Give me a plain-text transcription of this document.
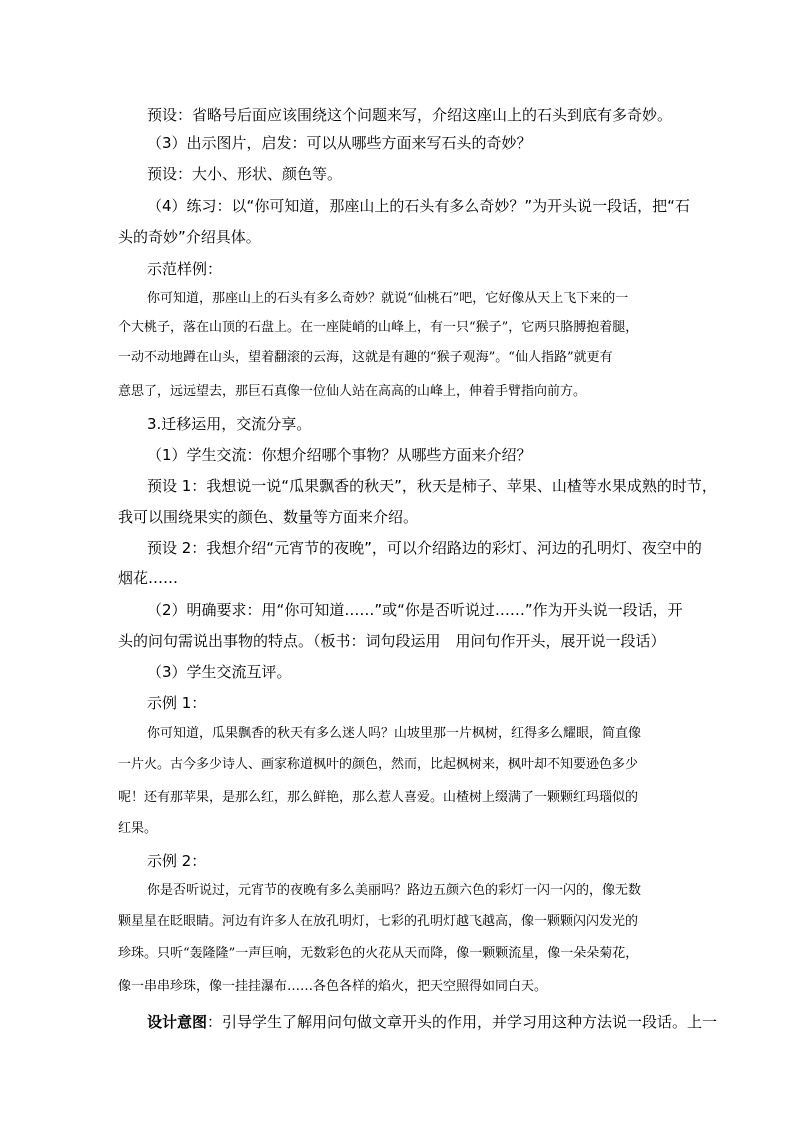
预设：省略号后面应该围绕这个问题来写，介绍这座山上的石头到底有多奇妙。

（3）出示图片，启发：可以从哪些方面来写石头的奇妙？

预设：大小、形状、颜色等。

（4）练习：以“你可知道，那座山上的石头有多么奇妙？”为开头说一段话，把“石

头的奇妙”介绍具体。

示范样例：

你可知道，那座山上的石头有多么奇妙？就说“仙桃石”吧，它好像从天上飞下来的一

个大桃子，落在山顶的石盘上。在一座陡峭的山峰上，有一只“猴子”，它两只胳膊抱着腿，

一动不动地蹲在山头，望着翻滚的云海，这就是有趣的“猴子观海”。“仙人指路”就更有

意思了，远远望去，那巨石真像一位仙人站在高高的山峰上，伸着手臂指向前方。

3.迁移运用，交流分享。

（1）学生交流：你想介绍哪个事物？从哪些方面来介绍？

预设 1：我想说一说“瓜果飘香的秋天”，秋天是柿子、苹果、山楂等水果成熟的时节，

我可以围绕果实的颜色、数量等方面来介绍。

预设 2：我想介绍“元宵节的夜晚”，可以介绍路边的彩灯、河边的孔明灯、夜空中的

烟花……

（2）明确要求：用“你可知道……”或“你是否听说过……”作为开头说一段话，开

头的问句需说出事物的特点。（板书：词句段运用　用问句作开头，展开说一段话）

（3）学生交流互评。

示例 1：

你可知道，瓜果飘香的秋天有多么迷人吗？山坡里那一片枫树，红得多么耀眼，简直像

一片火。古今多少诗人、画家称道枫叶的颜色，然而，比起枫树来，枫叶却不知要逊色多少

呢！还有那苹果，是那么红，那么鲜艳，那么惹人喜爱。山楂树上缀满了一颗颗红玛瑙似的

红果。

示例 2：

你是否听说过，元宵节的夜晚有多么美丽吗？路边五颜六色的彩灯一闪一闪的，像无数

颗星星在眨眼睛。河边有许多人在放孔明灯，七彩的孔明灯越飞越高，像一颗颗闪闪发光的

珍珠。只听“轰隆隆”一声巨响，无数彩色的火花从天而降，像一颗颗流星，像一朵朵菊花，

像一串串珍珠，像一挂挂瀑布……各色各样的焰火，把天空照得如同白天。

设计意图：引导学生了解用问句做文章开头的作用，并学习用这种方法说一段话。上一
